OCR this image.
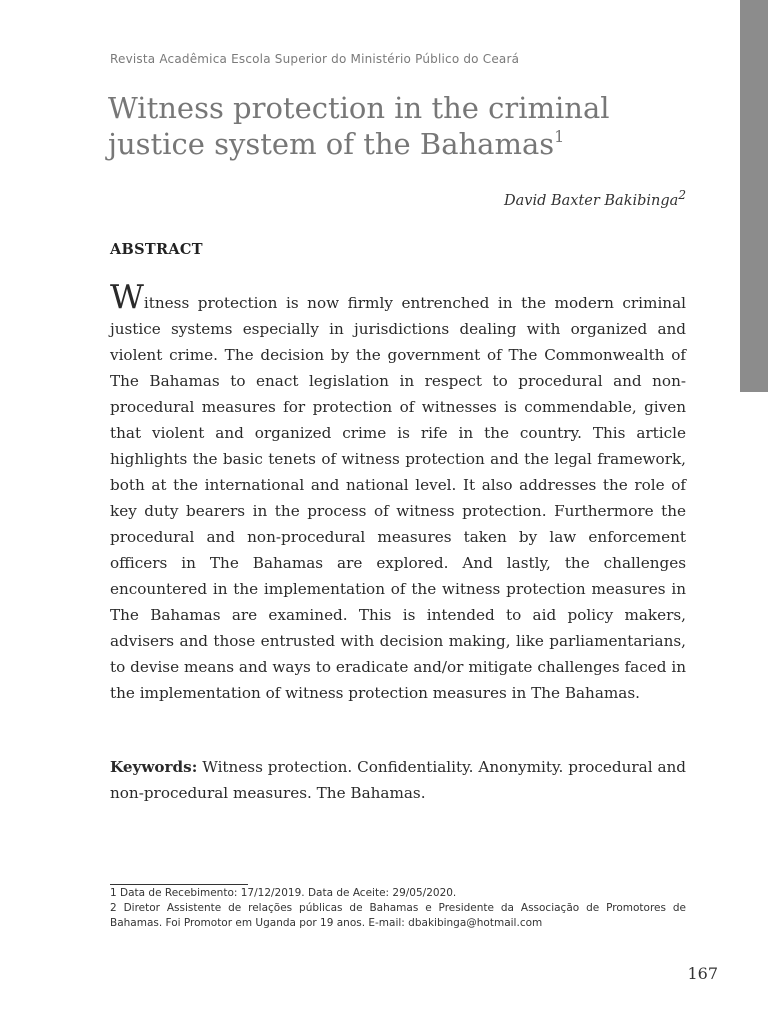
Revista Acadêmica Escola Superior do Ministério Público do Ceará
Witness protection in the criminal justice system of the Bahamas$^1$
David Baxter Bakibinga$^2$
ABSTRACT

Witness protection is now firmly entrenched in the modern criminal justice systems especially in jurisdictions dealing with organized and violent crime. The decision by the government of The Commonwealth of The Bahamas to enact legislation in respect to procedural and non-procedural measures for protection of witnesses is commendable, given that violent and organized crime is rife in the country. This article highlights the basic tenets of witness protection and the legal framework, both at the international and national level. It also addresses the role of key duty bearers in the process of witness protection. Furthermore the procedural and non-procedural measures taken by law enforcement officers in The Bahamas are explored. And lastly, the challenges encountered in the implementation of the witness protection measures in The Bahamas are examined. This is intended to aid policy makers, advisers and those entrusted with decision making, like parliamentarians, to devise means and ways to eradicate and/or mitigate challenges faced in the implementation of witness protection measures in The Bahamas.

Keywords: Witness protection. Confidentiality. Anonymity. procedural and non-procedural measures. The Bahamas.

1 Data de Recebimento: 17/12/2019. Data de Aceite: 29/05/2020.

2 Diretor Assistente de relações públicas de Bahamas e Presidente da Associação de Promotores de Bahamas. Foi Promotor em Uganda por 19 anos. E-mail: dbakibinga@hotmail.com

167
